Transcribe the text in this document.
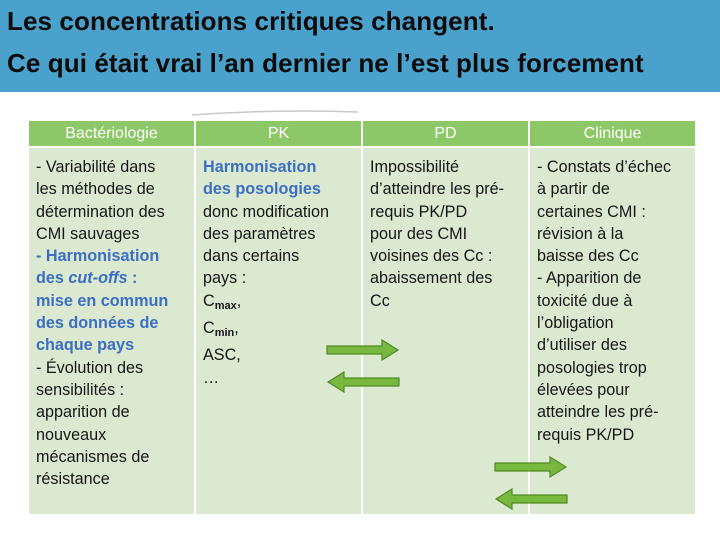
Les concentrations critiques changent.
Ce qui était vrai l’an dernier ne l’est plus forcement
Bactériologie
- Variabilité dans
les méthodes de
détermination des
CMI sauvages
- Harmonisation
des cut-offs :
mise en commun
des données de
chaque pays
- Évolution des
sensibilités :
apparition de
nouveaux
mécanismes de
résistance
PK
Harmonisation
des posologies
donc modification
des paramètres
dans certains
pays :
$C_{max}$,
$C_{min}$,
ASC,
…
PD
Impossibilité
d’atteindre les pré-
requis PK/PD
pour des CMI
voisines des Cc :
abaissement des
Cc
Clinique
- Constats d’échec
à partir de
certaines CMI :
révision à la
baisse des Cc
- Apparition de
toxicité due à
l’obligation
d’utiliser des
posologies trop
élevées pour
atteindre les pré-
requis PK/PD
